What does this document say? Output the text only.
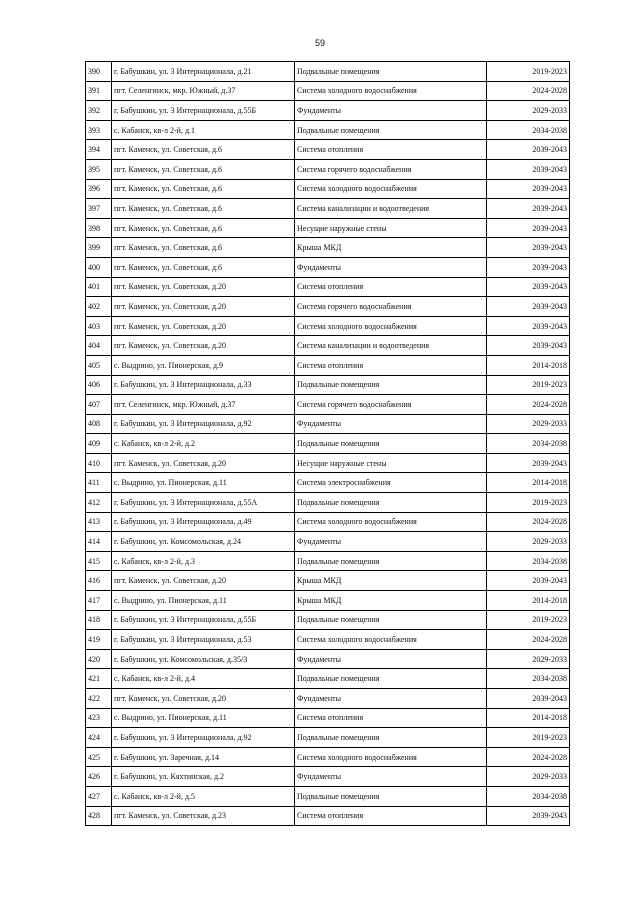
59
390	г. Бабушкин, ул. 3 Интернационала, д.21	Подвальные помещения	2019-2023
391	пгт. Селенгинск, мкр. Южный, д.37	Система холодного водоснабжения	2024-2028
392	г. Бабушкин, ул. 3 Интернационала, д.55Б	Фундаменты	2029-2033
393	с. Кабанск, кв-л 2-й, д.1	Подвальные помещения	2034-2038
394	пгт. Каменск, ул. Советская, д.6	Система отопления	2039-2043
395	пгт. Каменск, ул. Советская, д.6	Система горячего водоснабжения	2039-2043
396	пгт. Каменск, ул. Советская, д.6	Система холодного водоснабжения	2039-2043
397	пгт. Каменск, ул. Советская, д.6	Система канализации и водоотведения	2039-2043
398	пгт. Каменск, ул. Советская, д.6	Несущие наружные стены	2039-2043
399	пгт. Каменск, ул. Советская, д.6	Крыша МКД	2039-2043
400	пгт. Каменск, ул. Советская, д.6	Фундаменты	2039-2043
401	пгт. Каменск, ул. Советская, д.20	Система отопления	2039-2043
402	пгт. Каменск, ул. Советская, д.20	Система горячего водоснабжения	2039-2043
403	пгт. Каменск, ул. Советская, д.20	Система холодного водоснабжения	2039-2043
404	пгт. Каменск, ул. Советская, д.20	Система канализации и водоотведения	2039-2043
405	с. Выдрино, ул. Пионерская, д.9	Система отопления	2014-2018
406	г. Бабушкин, ул. 3 Интернационала, д.33	Подвальные помещения	2019-2023
407	пгт. Селенгинск, мкр. Южный, д.37	Система горячего водоснабжения	2024-2028
408	г. Бабушкин, ул. 3 Интернационала, д.92	Фундаменты	2029-2033
409	с. Кабанск, кв-л 2-й, д.2	Подвальные помещения	2034-2038
410	пгт. Каменск, ул. Советская, д.20	Несущие наружные стены	2039-2043
411	с. Выдрино, ул. Пионерская, д.11	Система электроснабжения	2014-2018
412	г. Бабушкин, ул. 3 Интернационала, д.55А	Подвальные помещения	2019-2023
413	г. Бабушкин, ул. 3 Интернационала, д.49	Система холодного водоснабжения	2024-2028
414	г. Бабушкин, ул. Комсомольская, д.24	Фундаменты	2029-2033
415	с. Кабанск, кв-л 2-й, д.3	Подвальные помещения	2034-2038
416	пгт. Каменск, ул. Советская, д.20	Крыша МКД	2039-2043
417	с. Выдрино, ул. Пионерская, д.11	Крыша МКД	2014-2018
418	г. Бабушкин, ул. 3 Интернационала, д.55Б	Подвальные помещения	2019-2023
419	г. Бабушкин, ул. 3 Интернационала, д.53	Система холодного водоснабжения	2024-2028
420	г. Бабушкин, ул. Комсомольская, д.35/3	Фундаменты	2029-2033
421	с. Кабанск, кв-л 2-й, д.4	Подвальные помещения	2034-2038
422	пгт. Каменск, ул. Советская, д.20	Фундаменты	2039-2043
423	с. Выдрино, ул. Пионерская, д.11	Система отопления	2014-2018
424	г. Бабушкин, ул. 3 Интернационала, д.92	Подвальные помещения	2019-2023
425	г. Бабушкин, ул. Заречная, д.14	Система холодного водоснабжения	2024-2028
426	г. Бабушкин, ул. Кяхтинская, д.2	Фундаменты	2029-2033
427	с. Кабанск, кв-л 2-й, д.5	Подвальные помещения	2034-2038
428	пгт. Каменск, ул. Советская, д.23	Система отопления	2039-2043
